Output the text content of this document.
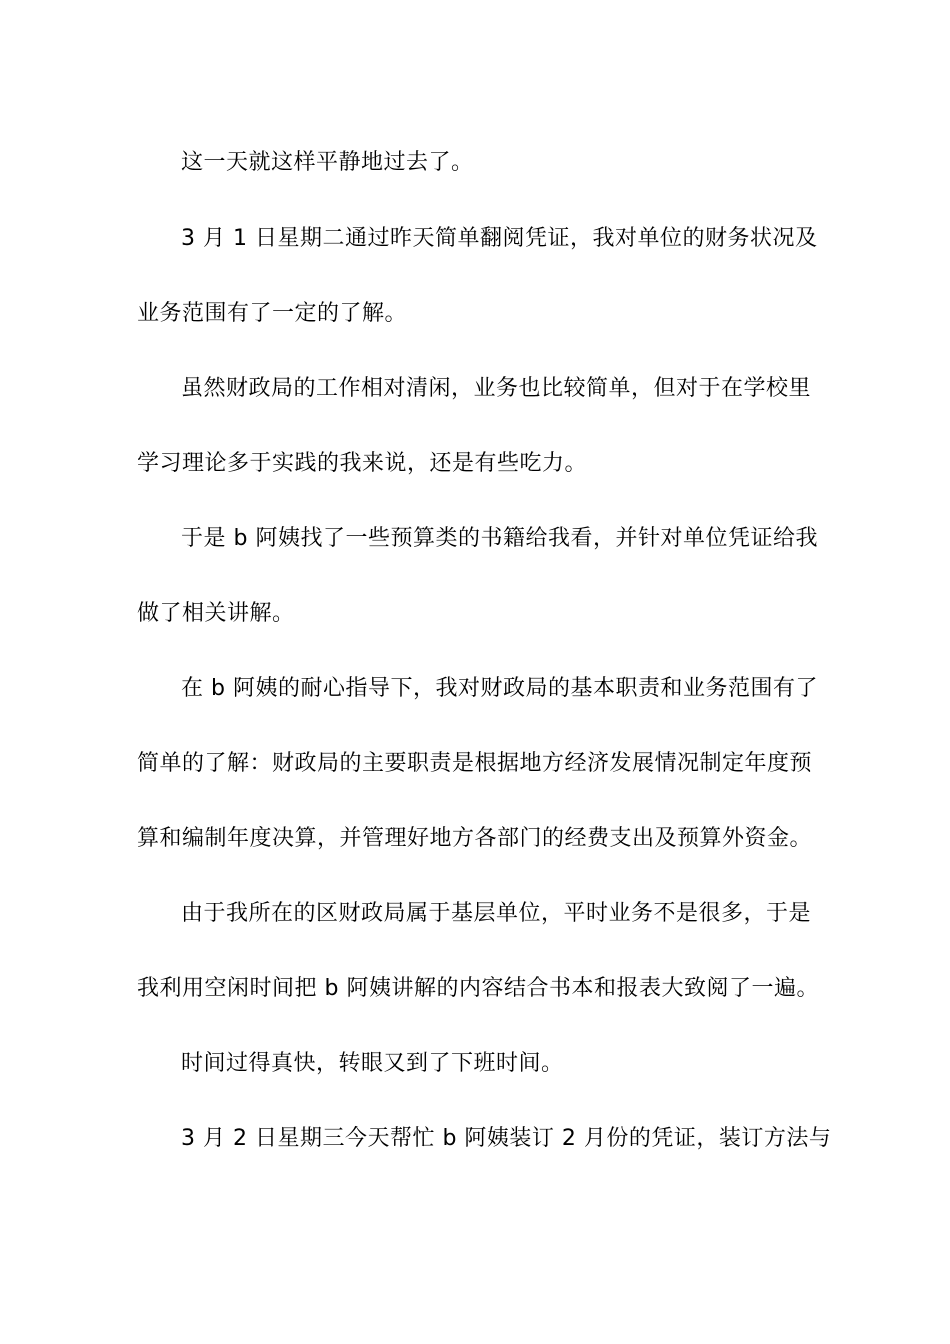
这一天就这样平静地过去了。
3 月 1 日星期二通过昨天简单翻阅凭证，我对单位的财务状况及
业务范围有了一定的了解。
虽然财政局的工作相对清闲，业务也比较简单，但对于在学校里
学习理论多于实践的我来说，还是有些吃力。
于是 b 阿姨找了一些预算类的书籍给我看，并针对单位凭证给我
做了相关讲解。
在 b 阿姨的耐心指导下，我对财政局的基本职责和业务范围有了
简单的了解：财政局的主要职责是根据地方经济发展情况制定年度预
算和编制年度决算，并管理好地方各部门的经费支出及预算外资金。
由于我所在的区财政局属于基层单位，平时业务不是很多，于是
我利用空闲时间把 b 阿姨讲解的内容结合书本和报表大致阅了一遍。
时间过得真快，转眼又到了下班时间。
3 月 2 日星期三今天帮忙 b 阿姨装订 2 月份的凭证，装订方法与
